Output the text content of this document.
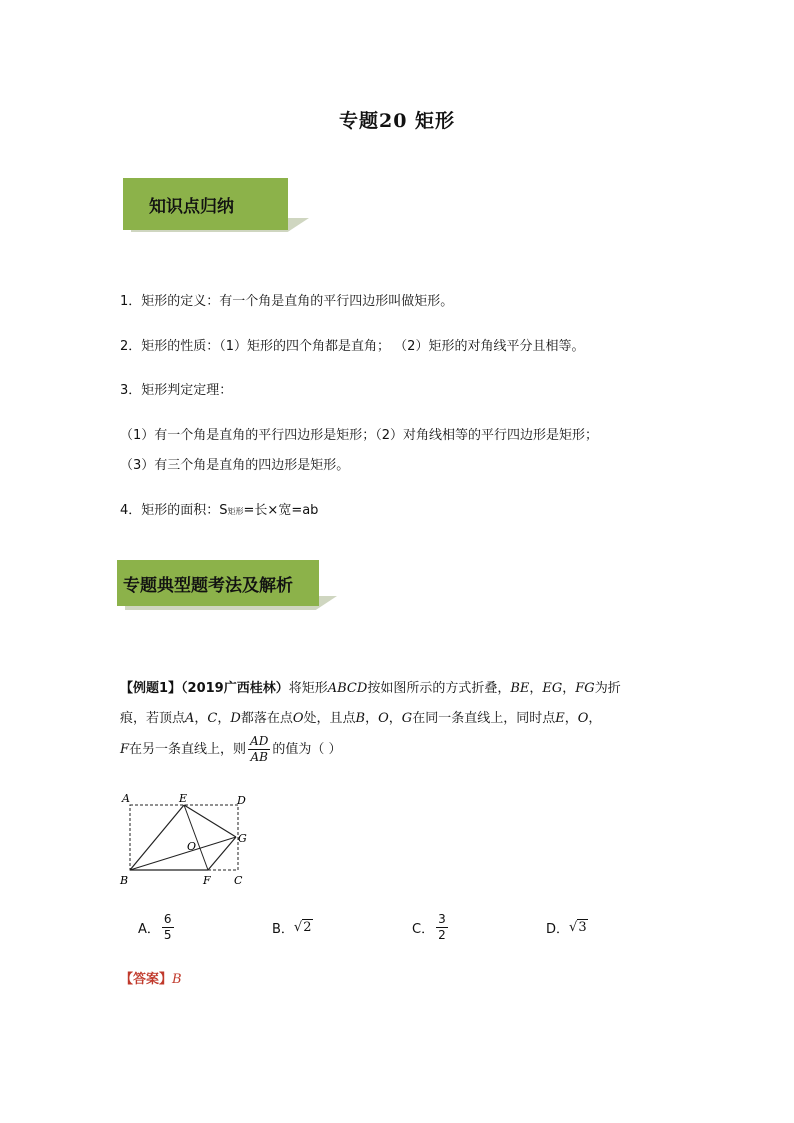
专题20 矩形
知识点归纳
1．矩形的定义：有一个角是直角的平行四边形叫做矩形。
2．矩形的性质：（1）矩形的四个角都是直角； （2）矩形的对角线平分且相等。
3．矩形判定定理：
（1）有一个角是直角的平行四边形是矩形；（2）对角线相等的平行四边形是矩形；
（3）有三个角是直角的四边形是矩形。
4．矩形的面积：S矩形=长×宽=ab
专题典型题考法及解析
【例题1】（2019广西桂林）将矩形ABCD按如图所示的方式折叠，BE，EG，FG为折
痕，若顶点A，C，D都落在点O处，且点B，O，G在同一条直线上，同时点E，O，
F在另一条直线上，则 $\frac{AD}{AB}$ 的值为（ ）
A	E	D
G
O
B	F C
A． $\frac{6}{5}$	B． √2	C． $\frac{3}{2}$	D． √3
【答案】B
